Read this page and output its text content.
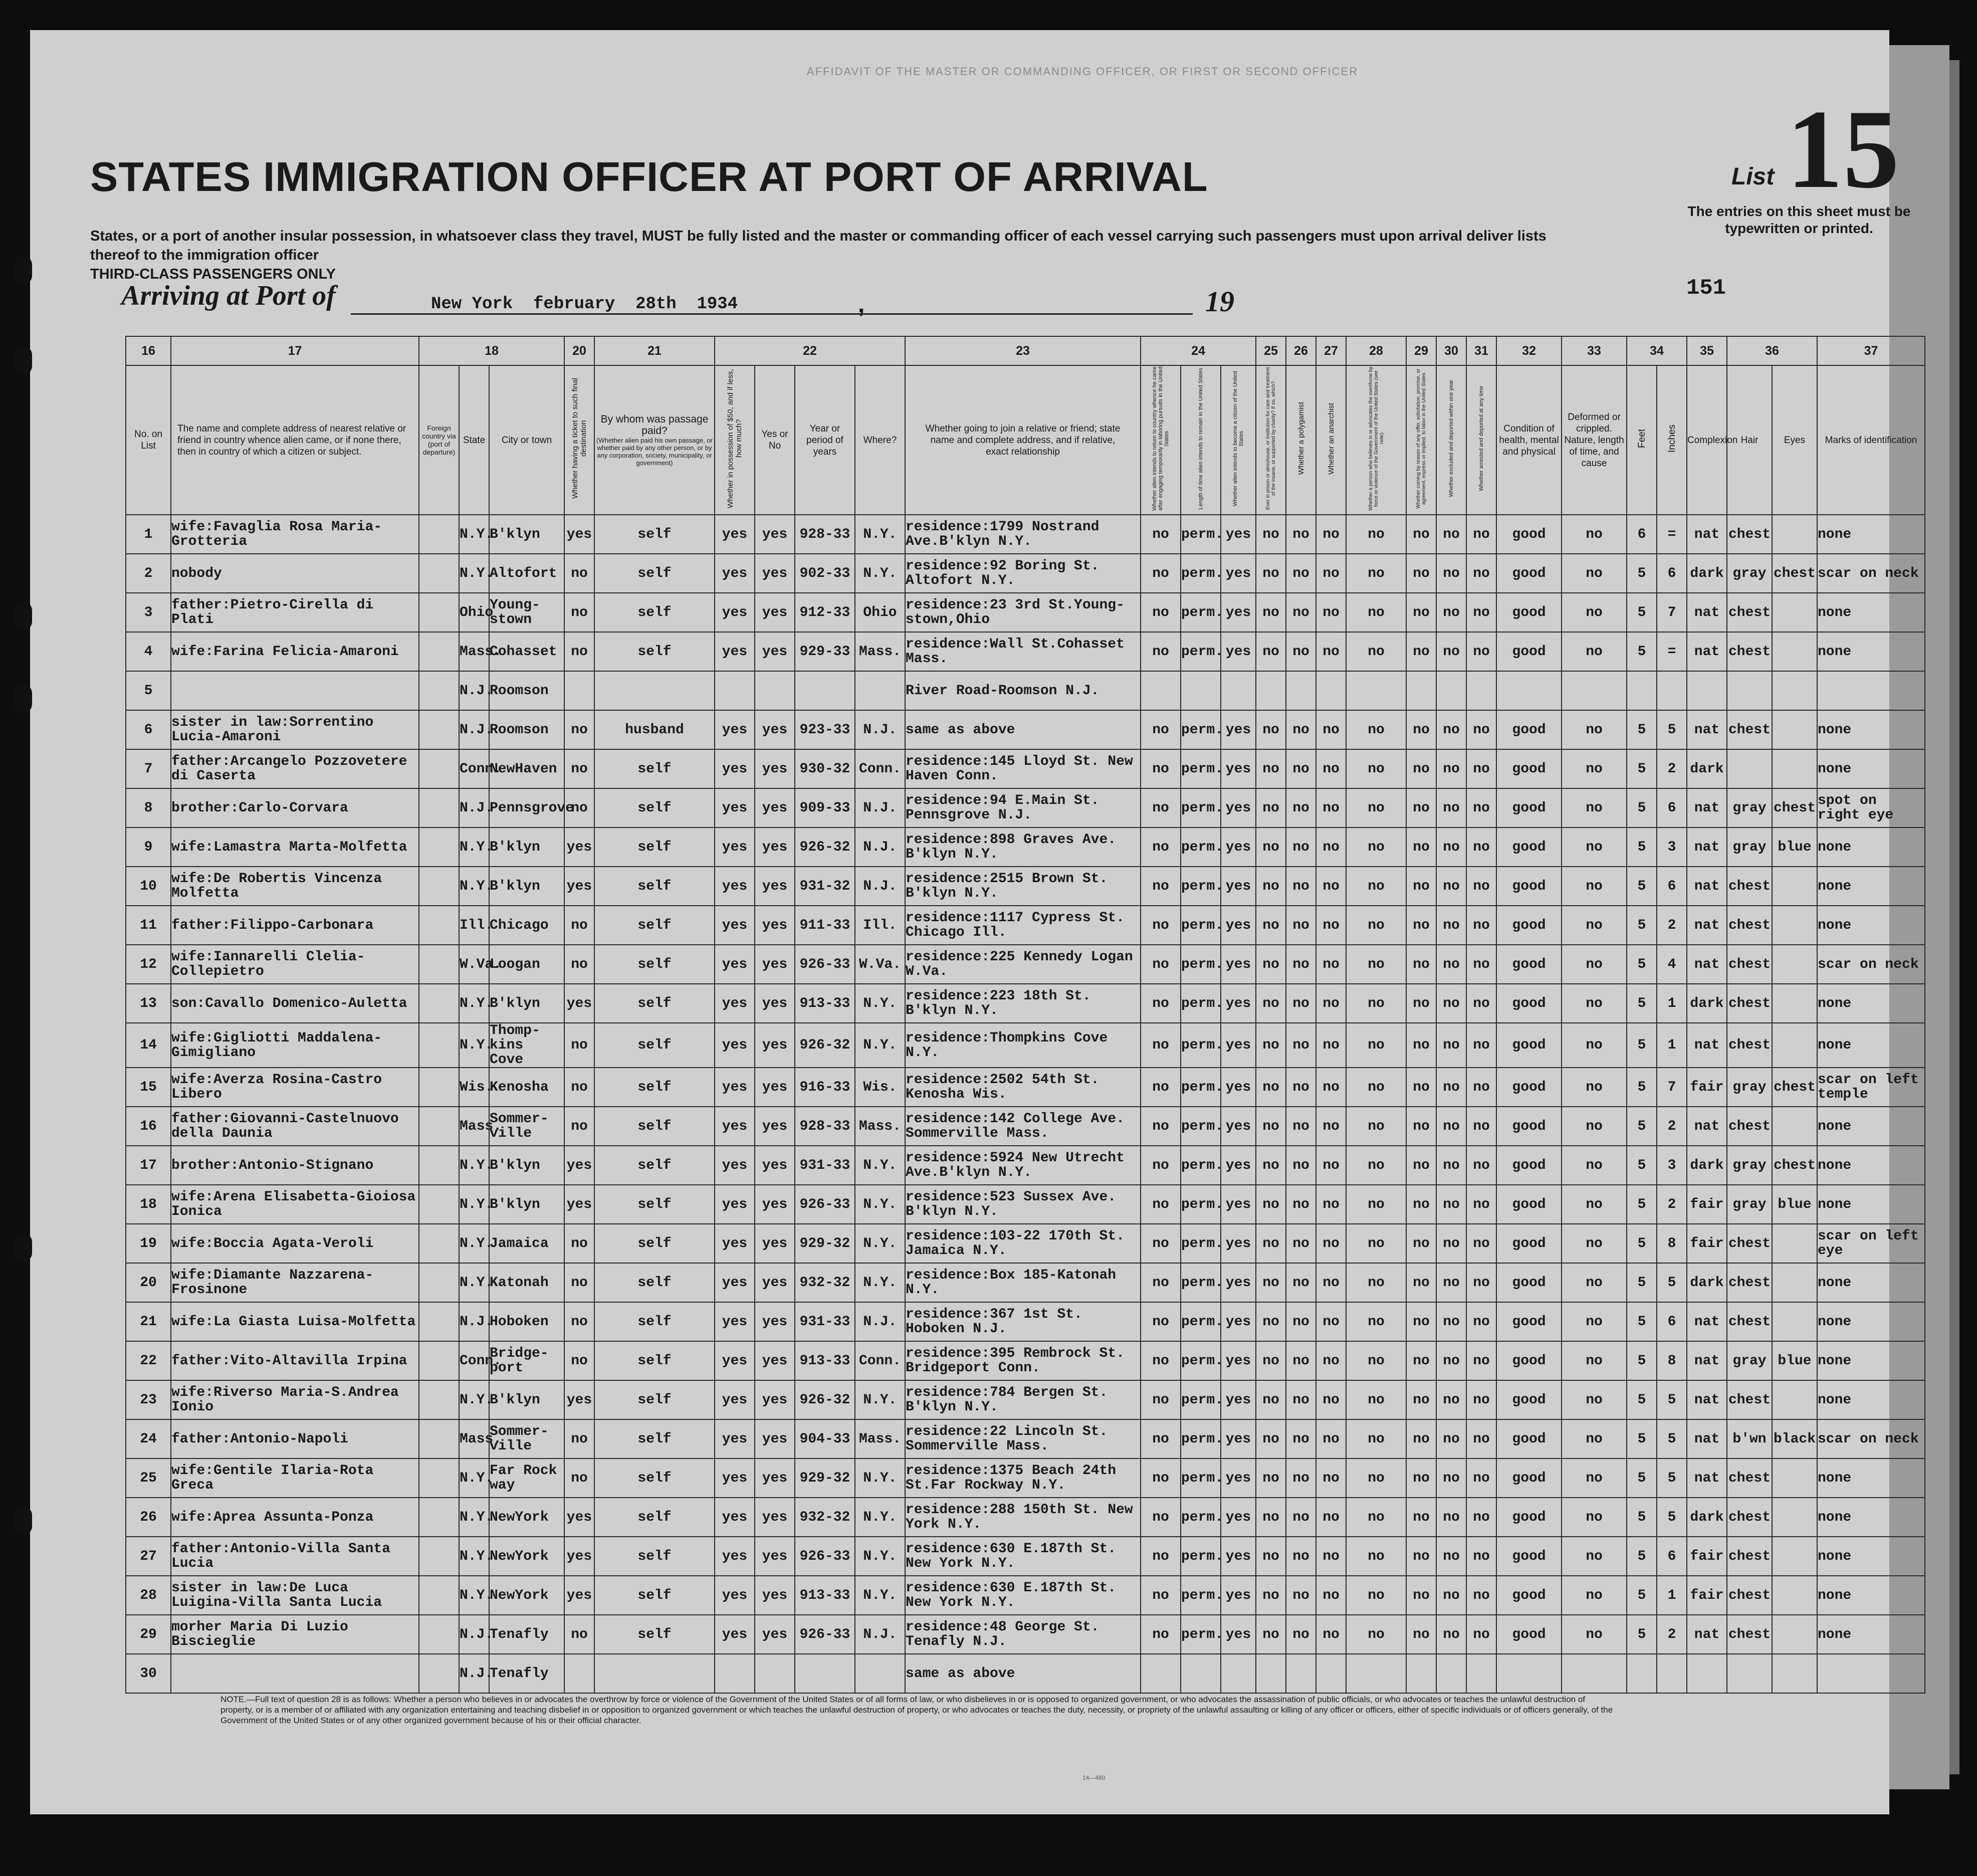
AFFIDAVIT OF THE MASTER OR COMMANDING OFFICER, OR FIRST OR SECOND OFFICER
STATES IMMIGRATION OFFICER AT PORT OF ARRIVAL
States, or a port of another insular possession, in whatsoever class they travel, MUST be fully listed and the master or commanding officer of each vessel carrying such passengers must upon arrival deliver lists thereof to the immigration officer
THIRD-CLASS PASSENGERS ONLY
List 15
The entries on this sheet must be typewritten or printed.
Arriving at Port of	New York  february  28th  1934	,	19	151
16	17	18			20	21	22				23	24			25	26	27	28	29	30	31	32	33	34		35	36		37
No. on List	The name and complete address of nearest relative or friend in country whence alien came, or if none there, then in country of which a citizen or subject.	Foreign country via (port of departure)	State	City or town	Whether having a ticket to such final destination	By whom was passage paid?
(Whether alien paid his own passage, or whether paid by any other person, or by any corporation, society, municipality, or government)	Whether in possession of $50, and if less, how much?	Yes or No	Year or period of years	Where?	Whether going to join a relative or friend; state name and complete address, and if relative, exact relationship	Whether alien intends to return to country whence he came after engaging temporarily in laboring pursuits in the United States	Length of time alien intends to remain in the United States	Whether alien intends to become a citizen of the United States	Ever in prison or almshouse, or institution for care and treatment of the insane, or supported by charity? If so, which?	Whether a polygamist	Whether an anarchist	Whether a person who believes in or advocates the overthrow by force or violence of the Government of the United States (see note)	Whether coming by reason of any offer, solicitation, promise, or agreement, express or implied, to labor in the United States	Whether excluded and deported within one year	Whether arrested and deported at any time	Condition of health, mental and physical	Deformed or crippled. Nature, length of time, and cause	Feet	Inches	Complexion	Hair	Eyes	Marks of identification
1	wife:Favaglia Rosa Maria-Grotteria		N.Y.	B'klyn	yes	self	yes	yes	928-33	N.Y.	residence:1799 Nostrand Ave.B'klyn N.Y.	no	perm.	yes	no	no	no	no	no	no	no	good	no	6	=	nat	chest		none
2	nobody		N.Y.	Altofort	no	self	yes	yes	902-33	N.Y.	residence:92 Boring St. Altofort N.Y.	no	perm.	yes	no	no	no	no	no	no	no	good	no	5	6	dark	gray	chest	scar on neck
3	father:Pietro-Cirella di Plati		Ohio	Young-stown	no	self	yes	yes	912-33	Ohio	residence:23 3rd St.Young-stown,Ohio	no	perm.	yes	no	no	no	no	no	no	no	good	no	5	7	nat	chest		none
4	wife:Farina Felicia-Amaroni		Mass.	Cohasset	no	self	yes	yes	929-33	Mass.	residence:Wall St.Cohasset Mass.	no	perm.	yes	no	no	no	no	no	no	no	good	no	5	=	nat	chest		none
5			N.J.	Roomson							River Road-Roomson N.J.																		
6	sister in law:Sorrentino Lucia-Amaroni		N.J.	Roomson	no	husband	yes	yes	923-33	N.J.	same as above	no	perm.	yes	no	no	no	no	no	no	no	good	no	5	5	nat	chest		none
7	father:Arcangelo Pozzovetere di Caserta		Conn.	NewHaven	no	self	yes	yes	930-32	Conn.	residence:145 Lloyd St. New Haven Conn.	no	perm.	yes	no	no	no	no	no	no	no	good	no	5	2	dark			none
8	brother:Carlo-Corvara		N.J.	Pennsgrove	no	self	yes	yes	909-33	N.J.	residence:94 E.Main St. Pennsgrove N.J.	no	perm.	yes	no	no	no	no	no	no	no	good	no	5	6	nat	gray	chest	spot on right eye
9	wife:Lamastra Marta-Molfetta		N.Y.	B'klyn	yes	self	yes	yes	926-32	N.J.	residence:898 Graves Ave. B'klyn N.Y.	no	perm.	yes	no	no	no	no	no	no	no	good	no	5	3	nat	gray	blue	none
10	wife:De Robertis Vincenza Molfetta		N.Y.	B'klyn	yes	self	yes	yes	931-32	N.J.	residence:2515 Brown St. B'klyn N.Y.	no	perm.	yes	no	no	no	no	no	no	no	good	no	5	6	nat	chest		none
11	father:Filippo-Carbonara		Ill.	Chicago	no	self	yes	yes	911-33	Ill.	residence:1117 Cypress St. Chicago Ill.	no	perm.	yes	no	no	no	no	no	no	no	good	no	5	2	nat	chest		none
12	wife:Iannarelli Clelia-Collepietro		W.Va.	Loogan	no	self	yes	yes	926-33	W.Va.	residence:225 Kennedy Logan W.Va.	no	perm.	yes	no	no	no	no	no	no	no	good	no	5	4	nat	chest		scar on neck
13	son:Cavallo Domenico-Auletta		N.Y.	B'klyn	yes	self	yes	yes	913-33	N.Y.	residence:223 18th St. B'klyn N.Y.	no	perm.	yes	no	no	no	no	no	no	no	good	no	5	1	dark	chest		none
14	wife:Gigliotti Maddalena-Gimigliano		N.Y.	Thomp-kins Cove	no	self	yes	yes	926-32	N.Y.	residence:Thompkins Cove N.Y.	no	perm.	yes	no	no	no	no	no	no	no	good	no	5	1	nat	chest		none
15	wife:Averza Rosina-Castro Libero		Wis.	Kenosha	no	self	yes	yes	916-33	Wis.	residence:2502 54th St. Kenosha Wis.	no	perm.	yes	no	no	no	no	no	no	no	good	no	5	7	fair	gray	chest	scar on left temple
16	father:Giovanni-Castelnuovo della Daunia		Mass.	Sommer-ville	no	self	yes	yes	928-33	Mass.	residence:142 College Ave. Sommerville Mass.	no	perm.	yes	no	no	no	no	no	no	no	good	no	5	2	nat	chest		none
17	brother:Antonio-Stignano		N.Y.	B'klyn	yes	self	yes	yes	931-33	N.Y.	residence:5924 New Utrecht Ave.B'klyn N.Y.	no	perm.	yes	no	no	no	no	no	no	no	good	no	5	3	dark	gray	chest	none
18	wife:Arena Elisabetta-Gioiosa Ionica		N.Y.	B'klyn	yes	self	yes	yes	926-33	N.Y.	residence:523 Sussex Ave. B'klyn N.Y.	no	perm.	yes	no	no	no	no	no	no	no	good	no	5	2	fair	gray	blue	none
19	wife:Boccia Agata-Veroli		N.Y.	Jamaica	no	self	yes	yes	929-32	N.Y.	residence:103-22 170th St. Jamaica N.Y.	no	perm.	yes	no	no	no	no	no	no	no	good	no	5	8	fair	chest		scar on left eye
20	wife:Diamante Nazzarena-Frosinone		N.Y.	Katonah	no	self	yes	yes	932-32	N.Y.	residence:Box 185-Katonah N.Y.	no	perm.	yes	no	no	no	no	no	no	no	good	no	5	5	dark	chest		none
21	wife:La Giasta Luisa-Molfetta		N.J.	Hoboken	no	self	yes	yes	931-33	N.J.	residence:367 1st St. Hoboken N.J.	no	perm.	yes	no	no	no	no	no	no	no	good	no	5	6	nat	chest		none
22	father:Vito-Altavilla Irpina		Conn.	Bridge-port	no	self	yes	yes	913-33	Conn.	residence:395 Rembrock St. Bridgeport Conn.	no	perm.	yes	no	no	no	no	no	no	no	good	no	5	8	nat	gray	blue	none
23	wife:Riverso Maria-S.Andrea Ionio		N.Y.	B'klyn	yes	self	yes	yes	926-32	N.Y.	residence:784 Bergen St. B'klyn N.Y.	no	perm.	yes	no	no	no	no	no	no	no	good	no	5	5	nat	chest		none
24	father:Antonio-Napoli		Mass.	Sommer-ville	no	self	yes	yes	904-33	Mass.	residence:22 Lincoln St. Sommerville Mass.	no	perm.	yes	no	no	no	no	no	no	no	good	no	5	5	nat	b'wn	black	scar on neck
25	wife:Gentile Ilaria-Rota Greca		N.Y.	Far Rock way	no	self	yes	yes	929-32	N.Y.	residence:1375 Beach 24th St.Far Rockway N.Y.	no	perm.	yes	no	no	no	no	no	no	no	good	no	5	5	nat	chest		none
26	wife:Aprea Assunta-Ponza		N.Y.	NewYork	yes	self	yes	yes	932-32	N.Y.	residence:288 150th St. New York N.Y.	no	perm.	yes	no	no	no	no	no	no	no	good	no	5	5	dark	chest		none
27	father:Antonio-Villa Santa Lucia		N.Y.	NewYork	yes	self	yes	yes	926-33	N.Y.	residence:630 E.187th St. New York N.Y.	no	perm.	yes	no	no	no	no	no	no	no	good	no	5	6	fair	chest		none
28	sister in law:De Luca Luigina-Villa Santa Lucia		N.Y.	NewYork	yes	self	yes	yes	913-33	N.Y.	residence:630 E.187th St. New York N.Y.	no	perm.	yes	no	no	no	no	no	no	no	good	no	5	1	fair	chest		none
29	morher Maria Di Luzio Bisciеglie		N.J.	Tenafly	no	self	yes	yes	926-33	N.J.	residence:48 George St. Tenafly N.J.	no	perm.	yes	no	no	no	no	no	no	no	good	no	5	2	nat	chest		none
30			N.J.	Tenafly							same as above																		
NOTE.—Full text of question 28 is as follows: Whether a person who believes in or advocates the overthrow by force or violence of the Government of the United States or of all forms of law, or who disbelieves in or is opposed to organized government, or who advocates the assassination of public officials, or who advocates or teaches the unlawful destruction of property, or is a member of or affiliated with any organization entertaining and teaching disbelief in or opposition to organized government or which teaches the unlawful destruction of property, or who advocates or teaches the duty, necessity, or propriety of the unlawful assaulting or killing of any officer or officers, either of specific individuals or of officers generally, of the Government of the United States or of any other organized government because of his or their official character.
14—480
